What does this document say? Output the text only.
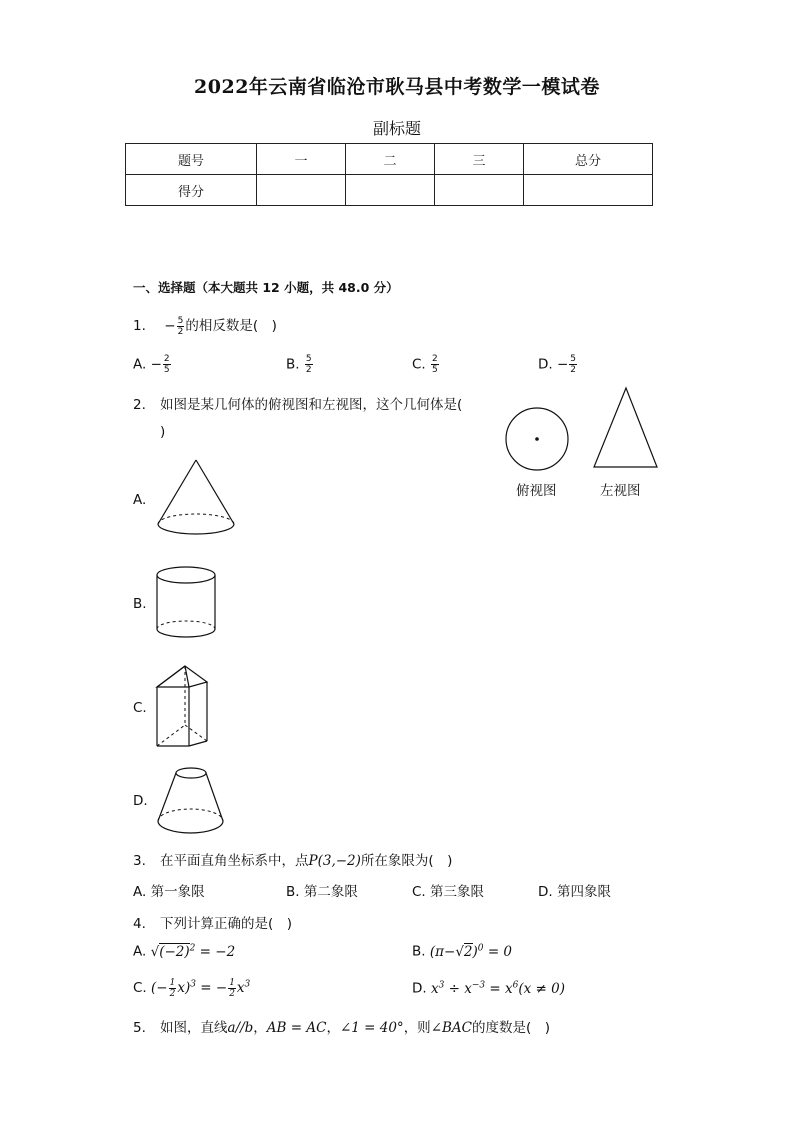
2022年云南省临沧市耿马县中考数学一模试卷
副标题
题号	一	二	三	总分
得分				
一、选择题（本大题共 12 小题，共 48.0 分）
1. − $\frac{5}{2}$ 的相反数是(　)
A. − $\frac{2}{5}$	B. $\frac{5}{2}$	C. $\frac{2}{5}$	D. − $\frac{5}{2}$
2. 如图是某几何体的俯视图和左视图，这个几何体是(
)
俯视图	左视图
A.
B.
C.
D.
3. 在平面直角坐标系中，点P(3,−2)所在象限为(　)
A. 第一象限	B. 第二象限	C. 第三象限	D. 第四象限
4. 下列计算正确的是(　)
A. $√(-2)^2 = -2$	B. $(\pi-√2)^0 = 0$
C. (− $\frac{1}{2} x)^3$ = − $\frac{1}{2} x^3$	D. $x^3 \div x^{-3} = x^6(x \ne 0)$
5. 如图，直线a//b，AB = AC，∠1 = 40°，则∠BAC的度数是(　)
